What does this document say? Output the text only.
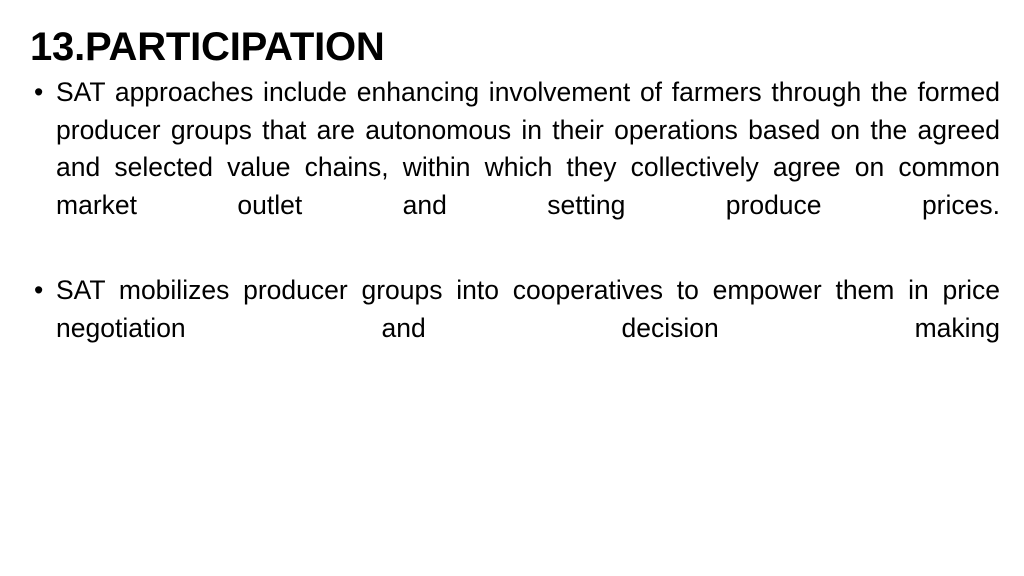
13.PARTICIPATION
• SAT approaches include enhancing involvement of farmers through the formed producer groups that are autonomous in their operations based on the agreed and selected value chains, within which they collectively agree on common market outlet and setting produce prices.
• SAT mobilizes producer groups into cooperatives to empower them in price negotiation and decision making
